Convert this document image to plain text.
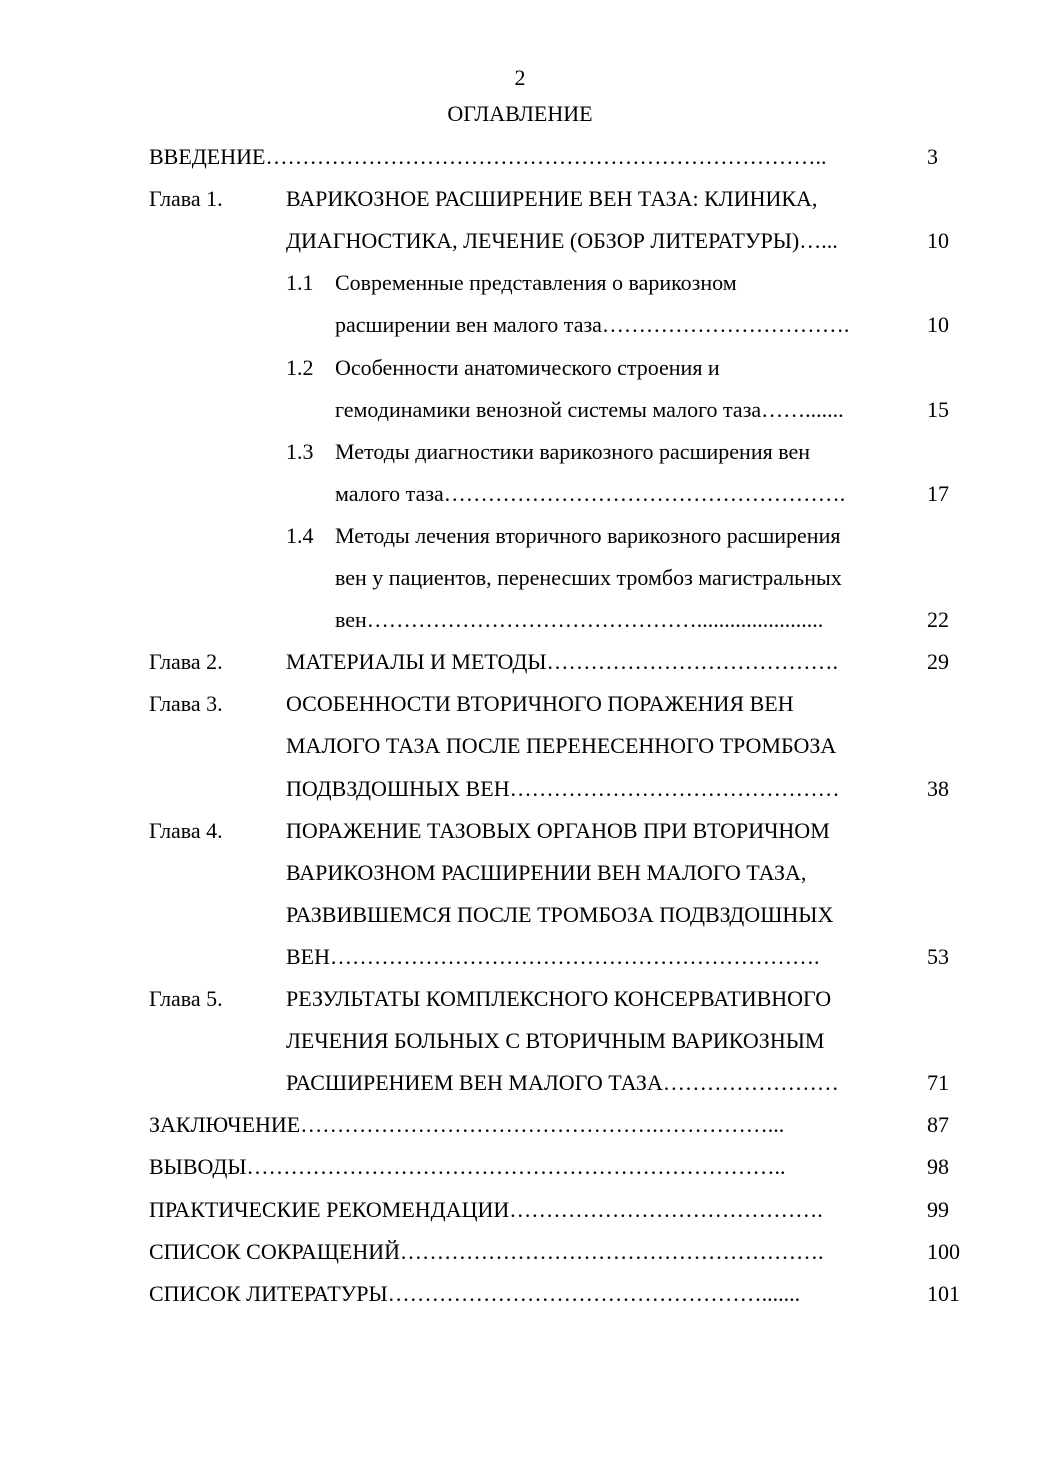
2
ОГЛАВЛЕНИЕ
ВВЕДЕНИЕ…………………………………………………………………..	3
Глава 1.	ВАРИКОЗНОЕ РАСШИРЕНИЕ ВЕН ТАЗА: КЛИНИКА,
ДИАГНОСТИКА, ЛЕЧЕНИЕ (ОБЗОР ЛИТЕРАТУРЫ)…...	10
1.1 Современные представления о варикозном
расширении вен малого таза…………………………….	10
1.2 Особенности анатомического строения и
гемодинамики венозной системы малого таза…….......	15
1.3 Методы диагностики варикозного расширения вен
малого таза……………………………………………….	17
1.4 Методы лечения вторичного варикозного расширения
вен у пациентов, перенесших тромбоз магистральных
вен……………………………………….......................	22
Глава 2.	МАТЕРИАЛЫ И МЕТОДЫ………………………………….	29
Глава 3.	ОСОБЕННОСТИ ВТОРИЧНОГО ПОРАЖЕНИЯ ВЕН
МАЛОГО ТАЗА ПОСЛЕ ПЕРЕНЕСЕННОГО ТРОМБОЗА
ПОДВЗДОШНЫХ ВЕН………………………………………	38
Глава 4.	ПОРАЖЕНИЕ ТАЗОВЫХ ОРГАНОВ ПРИ ВТОРИЧНОМ
ВАРИКОЗНОМ РАСШИРЕНИИ ВЕН МАЛОГО ТАЗА,
РАЗВИВШЕМСЯ ПОСЛЕ ТРОМБОЗА ПОДВЗДОШНЫХ
ВЕН………………………………………………………….	53
Глава 5.	РЕЗУЛЬТАТЫ КОМПЛЕКСНОГО КОНСЕРВАТИВНОГО
ЛЕЧЕНИЯ БОЛЬНЫХ С ВТОРИЧНЫМ ВАРИКОЗНЫМ
РАСШИРЕНИЕМ ВЕН МАЛОГО ТАЗА……………………	71
ЗАКЛЮЧЕНИЕ………………………………………….……………...	87
ВЫВОДЫ………………………………………………………………..	98
ПРАКТИЧЕСКИЕ РЕКОМЕНДАЦИИ…………………………………….	99
СПИСОК СОКРАЩЕНИЙ………………………………………………….	100
СПИСОК ЛИТЕРАТУРЫ…………………………………………….......	101
